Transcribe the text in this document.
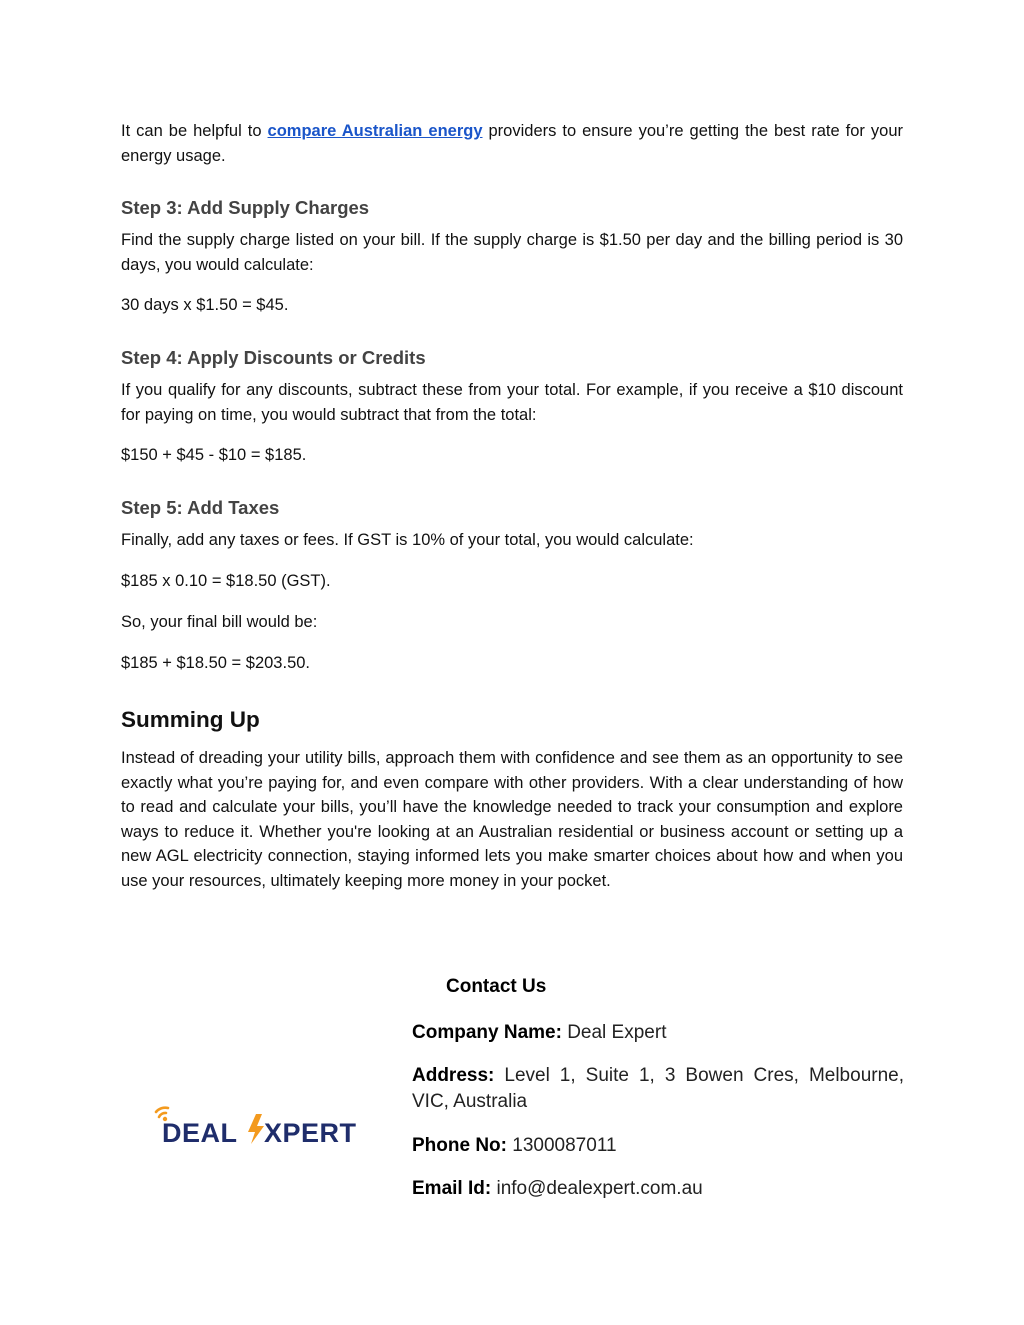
It can be helpful to compare Australian energy providers to ensure you’re getting the best rate for your energy usage.

Step 3: Add Supply Charges

Find the supply charge listed on your bill. If the supply charge is $1.50 per day and the billing period is 30 days, you would calculate:

30 days x $1.50 = $45.

Step 4: Apply Discounts or Credits

If you qualify for any discounts, subtract these from your total. For example, if you receive a $10 discount for paying on time, you would subtract that from the total:

$150 + $45 - $10 = $185.

Step 5: Add Taxes

Finally, add any taxes or fees. If GST is 10% of your total, you would calculate:

$185 x 0.10 = $18.50 (GST).

So, your final bill would be:

$185 + $18.50 = $203.50.

Summing Up

Instead of dreading your utility bills, approach them with confidence and see them as an opportunity to see exactly what you’re paying for, and even compare with other providers. With a clear understanding of how to read and calculate your bills, you’ll have the knowledge needed to track your consumption and explore ways to reduce it. Whether you're looking at an Australian residential or business account or setting up a new AGL electricity connection, staying informed lets you make smarter choices about how and when you use your resources, ultimately keeping more money in your pocket.

Contact Us

Company Name: Deal Expert

Address: Level 1, Suite 1, 3 Bowen Cres, Melbourne, VIC, Australia

Phone No: 1300087011

Email Id: info@dealexpert.com.au

DEAL XPERT
